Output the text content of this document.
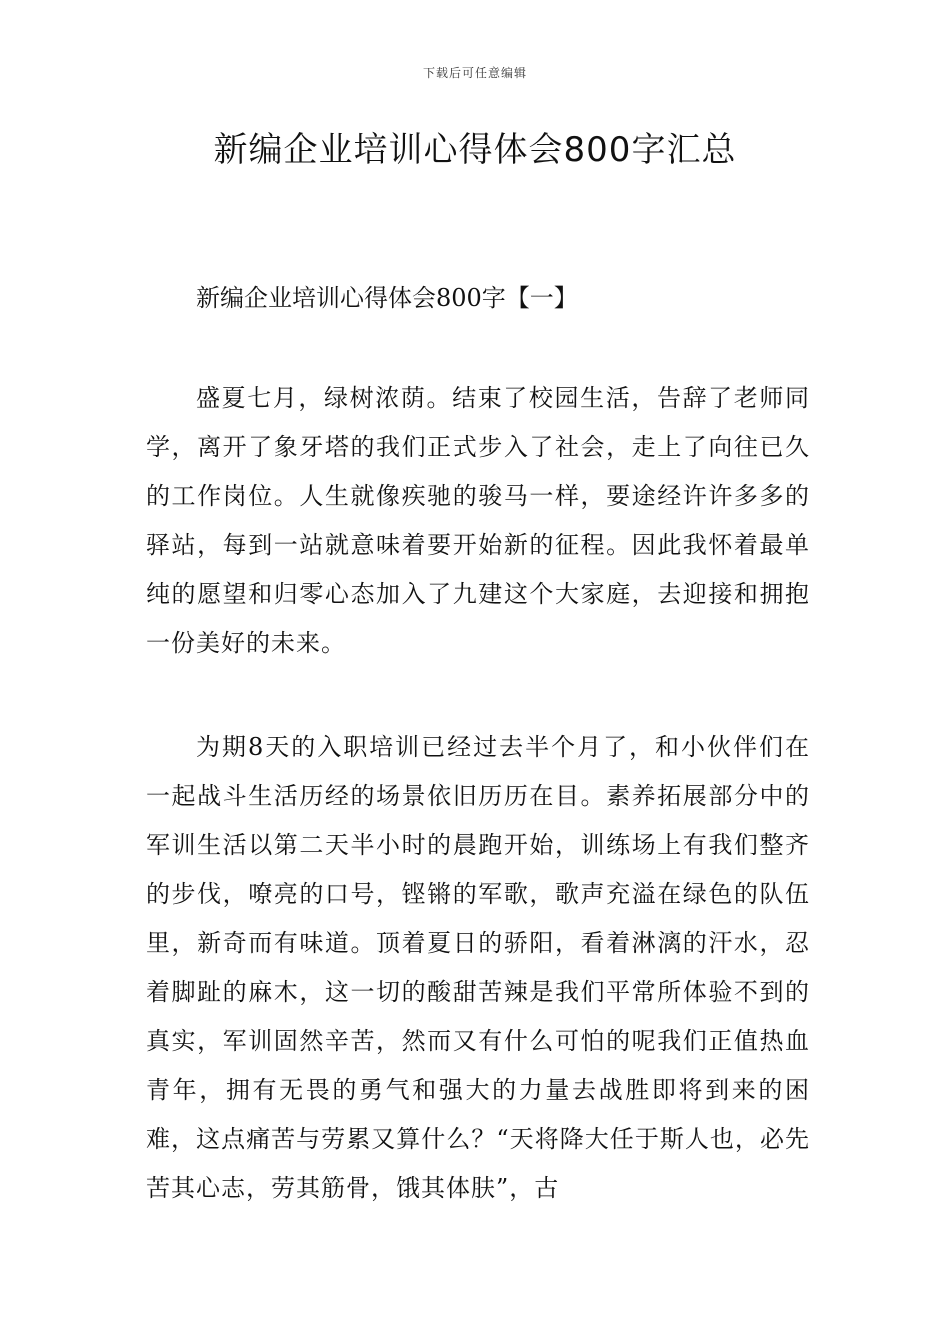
下载后可任意编辑
新编企业培训心得体会800字汇总
新编企业培训心得体会800字【一】

盛夏七月，绿树浓荫。结束了校园生活，告辞了老师同学，离开了象牙塔的我们正式步入了社会，走上了向往已久的工作岗位。人生就像疾驰的骏马一样，要途经许许多多的驿站，每到一站就意味着要开始新的征程。因此我怀着最单纯的愿望和归零心态加入了九建这个大家庭，去迎接和拥抱一份美好的未来。

为期8天的入职培训已经过去半个月了，和小伙伴们在一起战斗生活历经的场景依旧历历在目。素养拓展部分中的军训生活以第二天半小时的晨跑开始，训练场上有我们整齐的步伐，嘹亮的口号，铿锵的军歌，歌声充溢在绿色的队伍里，新奇而有味道。顶着夏日的骄阳，看着淋漓的汗水，忍着脚趾的麻木，这一切的酸甜苦辣是我们平常所体验不到的真实，军训固然辛苦，然而又有什么可怕的呢我们正值热血青年，拥有无畏的勇气和强大的力量去战胜即将到来的困难，这点痛苦与劳累又算什么？“天将降大任于斯人也，必先苦其心志，劳其筋骨，饿其体肤”，古
